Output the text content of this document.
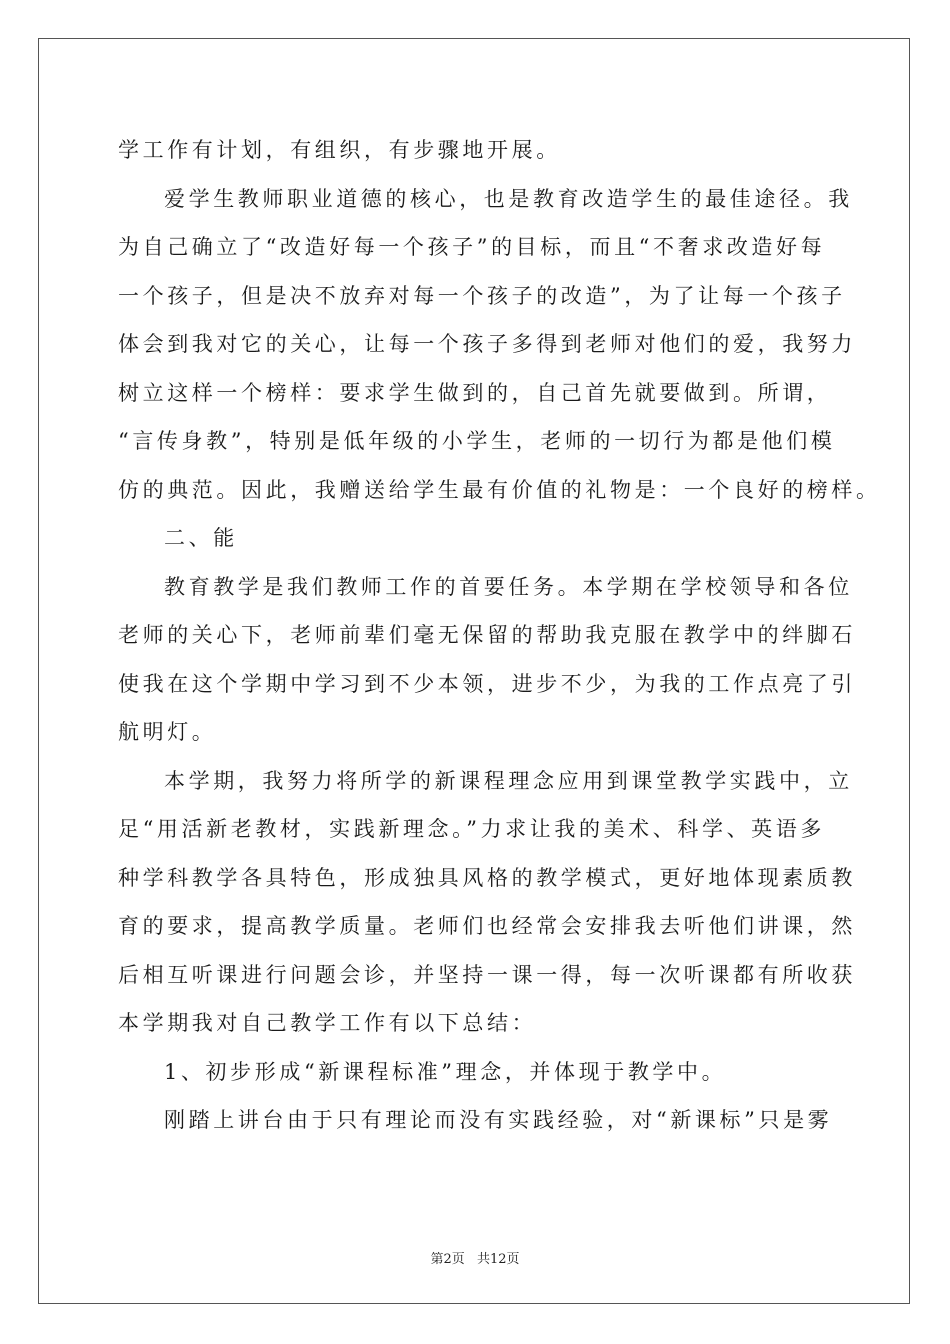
学工作有计划，有组织，有步骤地开展。
爱学生教师职业道德的核心，也是教育改造学生的最佳途径。我
为自己确立了“改造好每一个孩子”的目标，而且“不奢求改造好每
一个孩子，但是决不放弃对每一个孩子的改造”，为了让每一个孩子
体会到我对它的关心，让每一个孩子多得到老师对他们的爱，我努力
树立这样一个榜样：要求学生做到的，自己首先就要做到。所谓，
“言传身教”，特别是低年级的小学生，老师的一切行为都是他们模
仿的典范。因此，我赠送给学生最有价值的礼物是：一个良好的榜样。
二、能
教育教学是我们教师工作的首要任务。本学期在学校领导和各位
老师的关心下，老师前辈们毫无保留的帮助我克服在教学中的绊脚石
使我在这个学期中学习到不少本领，进步不少，为我的工作点亮了引
航明灯。
本学期，我努力将所学的新课程理念应用到课堂教学实践中，立
足“用活新老教材，实践新理念。”力求让我的美术、科学、英语多
种学科教学各具特色，形成独具风格的教学模式，更好地体现素质教
育的要求，提高教学质量。老师们也经常会安排我去听他们讲课，然
后相互听课进行问题会诊，并坚持一课一得，每一次听课都有所收获
本学期我对自己教学工作有以下总结：
1、初步形成“新课程标准”理念，并体现于教学中。
刚踏上讲台由于只有理论而没有实践经验，对“新课标”只是雾
第2页 共12页
